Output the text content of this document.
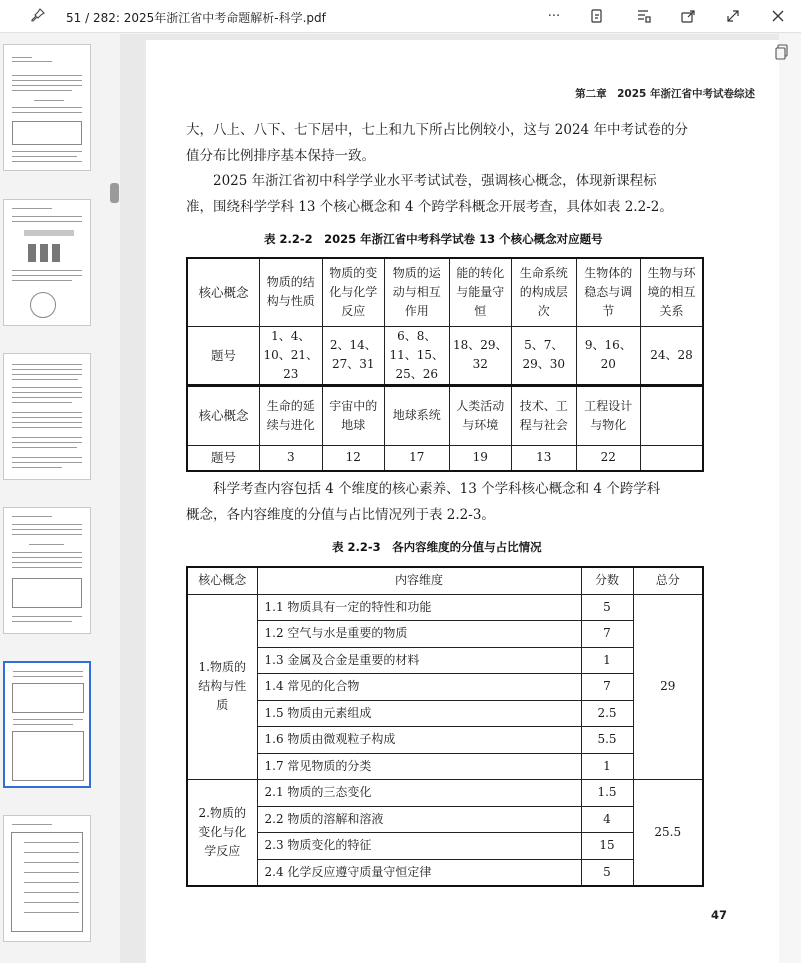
51 / 282: 2025年浙江省中考命题解析-科学.pdf	···
第二章　2025 年浙江省中考试卷综述
大，八上、八下、七下居中，七上和九下所占比例较小，这与 2024 年中考试卷的分
值分布比例排序基本保持一致。
　　2025 年浙江省初中科学学业水平考试试卷，强调核心概念，体现新课程标
准，围绕科学学科 13 个核心概念和 4 个跨学科概念开展考查，具体如表 2.2-2。
表 2.2-2　2025 年浙江省中考科学试卷 13 个核心概念对应题号
核心概念	物质的结构与性质	物质的变化与化学反应	物质的运动与相互作用	能的转化与能量守恒	生命系统的构成层次	生物体的稳态与调节	生物与环境的相互关系
题号	1、4、10、21、23	2、14、27、31	6、8、11、15、25、26	18、29、32	5、7、29、30	9、16、20	24、28
核心概念	生命的延续与进化	宇宙中的地球	地球系统	人类活动与环境	技术、工程与社会	工程设计与物化	
题号	3	12	17	19	13	22	
　　科学考查内容包括 4 个维度的核心素养、13 个学科核心概念和 4 个跨学科
概念，各内容维度的分值与占比情况列于表 2.2-3。
表 2.2-3　各内容维度的分值与占比情况
核心概念	内容维度	分数	总分
1.物质的结构与性质	1.1 物质具有一定的特性和功能	5	29
	1.2 空气与水是重要的物质	7	
	1.3 金属及合金是重要的材料	1	
	1.4 常见的化合物	7	
	1.5 物质由元素组成	2.5	
	1.6 物质由微观粒子构成	5.5	
	1.7 常见物质的分类	1	
2.物质的变化与化学反应	2.1 物质的三态变化	1.5	25.5
	2.2 物质的溶解和溶液	4	
	2.3 物质变化的特征	15	
	2.4 化学反应遵守质量守恒定律	5	
47
